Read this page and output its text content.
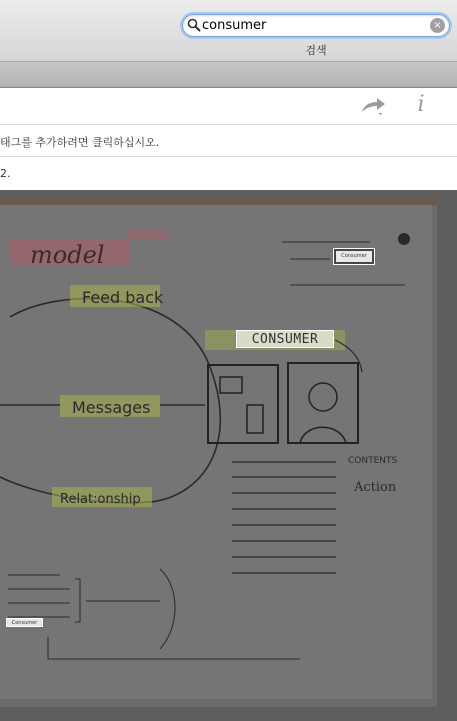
consumer	×
검색
i
태그를 추가하려면 클릭하십시오.
2.
model
Feed back
Messages
Relat:onship
CONTENTS
Action
CONSUMER
Consumer
Consumer
